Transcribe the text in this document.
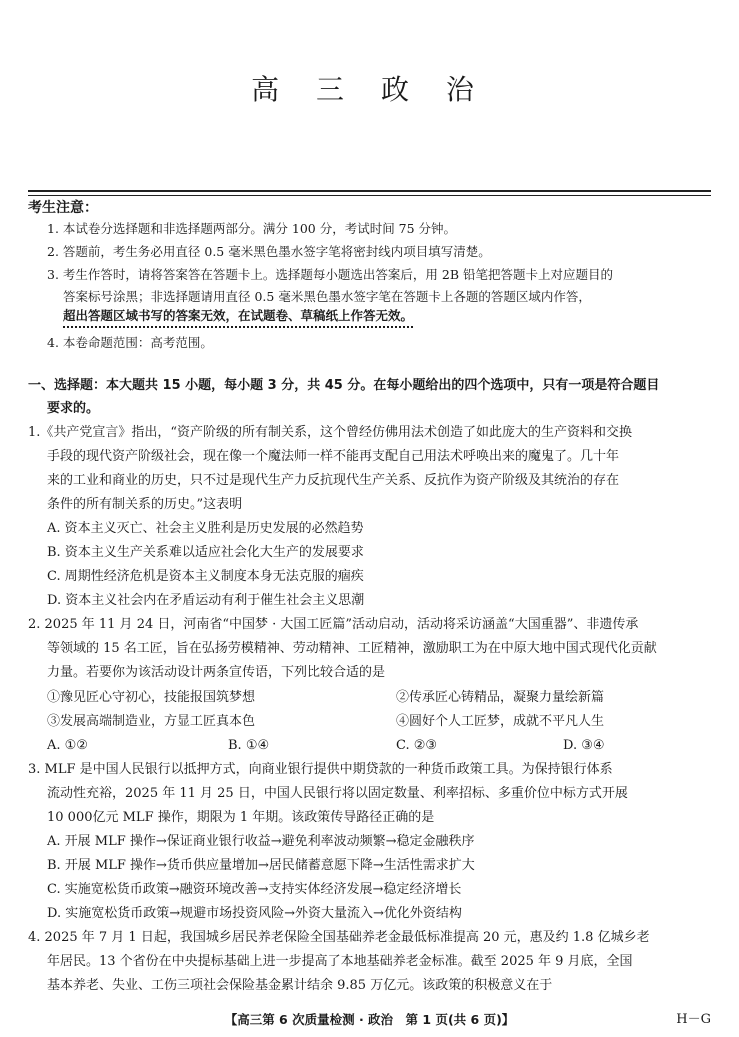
高 三 政 治
考生注意：
1. 本试卷分选择题和非选择题两部分。满分 100 分，考试时间 75 分钟。
2. 答题前，考生务必用直径 0.5 毫米黑色墨水签字笔将密封线内项目填写清楚。
3. 考生作答时，请将答案答在答题卡上。选择题每小题选出答案后，用 2B 铅笔把答题卡上对应题目的
答案标号涂黑；非选择题请用直径 0.5 毫米黑色墨水签字笔在答题卡上各题的答题区域内作答，
超出答题区域书写的答案无效，在试题卷、草稿纸上作答无效。
4. 本卷命题范围：高考范围。
一、选择题：本大题共 15 小题，每小题 3 分，共 45 分。在每小题给出的四个选项中，只有一项是符合题目
要求的。
1.《共产党宣言》指出，“资产阶级的所有制关系，这个曾经仿佛用法术创造了如此庞大的生产资料和交换
手段的现代资产阶级社会，现在像一个魔法师一样不能再支配自己用法术呼唤出来的魔鬼了。几十年
来的工业和商业的历史，只不过是现代生产力反抗现代生产关系、反抗作为资产阶级及其统治的存在
条件的所有制关系的历史。”这表明
A. 资本主义灭亡、社会主义胜利是历史发展的必然趋势
B. 资本主义生产关系难以适应社会化大生产的发展要求
C. 周期性经济危机是资本主义制度本身无法克服的痼疾
D. 资本主义社会内在矛盾运动有利于催生社会主义思潮
2. 2025 年 11 月 24 日，河南省“中国梦 · 大国工匠篇”活动启动，活动将采访涵盖“大国重器”、非遗传承
等领域的 15 名工匠，旨在弘扬劳模精神、劳动精神、工匠精神，激励职工为在中原大地中国式现代化贡献
力量。若要你为该活动设计两条宣传语，下列比较合适的是
①豫见匠心守初心，技能报国筑梦想	②传承匠心铸精品，凝聚力量绘新篇
③发展高端制造业，方显工匠真本色	④圆好个人工匠梦，成就不平凡人生
A. ①②	B. ①④	C. ②③	D. ③④
3. MLF 是中国人民银行以抵押方式，向商业银行提供中期贷款的一种货币政策工具。为保持银行体系
流动性充裕，2025 年 11 月 25 日，中国人民银行将以固定数量、利率招标、多重价位中标方式开展
10 000亿元 MLF 操作，期限为 1 年期。该政策传导路径正确的是
A. 开展 MLF 操作→保证商业银行收益→避免利率波动频繁→稳定金融秩序
B. 开展 MLF 操作→货币供应量增加→居民储蓄意愿下降→生活性需求扩大
C. 实施宽松货币政策→融资环境改善→支持实体经济发展→稳定经济增长
D. 实施宽松货币政策→规避市场投资风险→外资大量流入→优化外资结构
4. 2025 年 7 月 1 日起，我国城乡居民养老保险全国基础养老金最低标准提高 20 元，惠及约 1.8 亿城乡老
年居民。13 个省份在中央提标基础上进一步提高了本地基础养老金标准。截至 2025 年 9 月底，全国
基本养老、失业、工伤三项社会保险基金累计结余 9.85 万亿元。该政策的积极意义在于
【高三第 6 次质量检测 · 政治　第 1 页(共 6 页)】	H－G
